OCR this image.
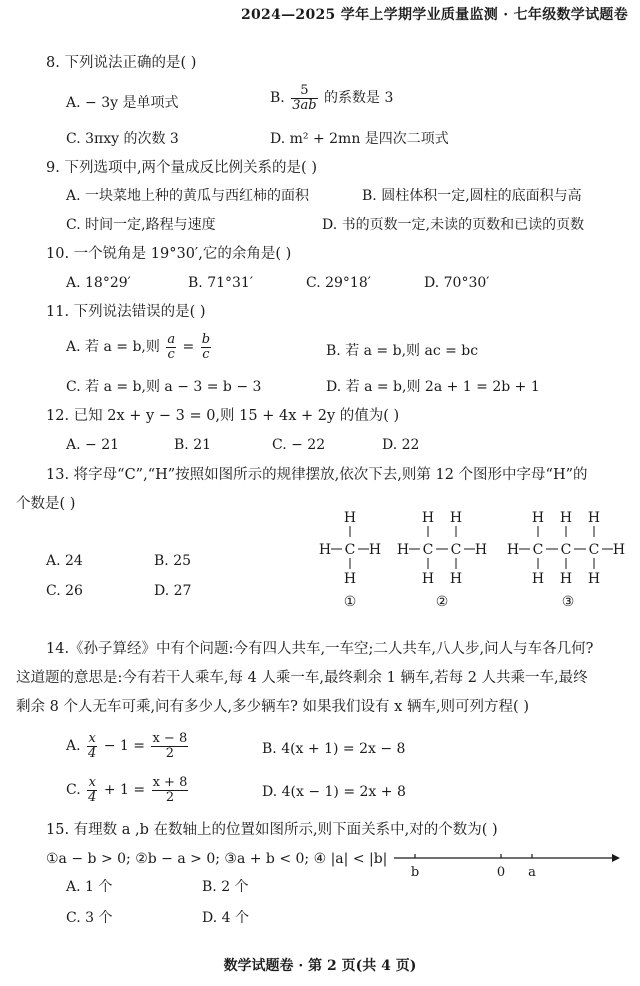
2024—2025 学年上学期学业质量监测 · 七年级数学试题卷
8. 下列说法正确的是( )
A. − 3y 是单项式	B. $\frac{5}{3ab}$ 的系数是 3
C. 3πxy 的次数 3	D. m² + 2mn 是四次二项式
9. 下列选项中,两个量成反比例关系的是( )
A. 一块菜地上种的黄瓜与西红柿的面积	B. 圆柱体积一定,圆柱的底面积与高
C. 时间一定,路程与速度	D. 书的页数一定,未读的页数和已读的页数
10. 一个锐角是 19°30′,它的余角是( )
A. 18°29′	B. 71°31′	C. 29°18′	D. 70°30′
11. 下列说法错误的是( )
A. 若 a = b,则 $\frac{a}{c} = \frac{b}{c}$	B. 若 a = b,则 ac = bc
C. 若 a = b,则 a − 3 = b − 3	D. 若 a = b,则 2a + 1 = 2b + 1
12. 已知 2x + y − 3 = 0,则 15 + 4x + 2y 的值为( )
A. − 21	B. 21	C. − 22	D. 22
13. 将字母“C”,“H”按照如图所示的规律摆放,依次下去,则第 12 个图形中字母“H”的
个数是( )
A. 24	B. 25
C. 26	D. 27
H
H C H
H
①
H H
H C C H
H H
②
H H H
H C C C H
H H H
③
14.《孙子算经》中有个问题:今有四人共车,一车空;二人共车,八人步,问人与车各几何?
这道题的意思是:今有若干人乘车,每 4 人乘一车,最终剩余 1 辆车,若每 2 人共乘一车,最终
剩余 8 个人无车可乘,问有多少人,多少辆车? 如果我们设有 x 辆车,则可列方程( )
A. $\frac{x}{4} - 1 = \frac{x - 8}{2}$	B. 4(x + 1) = 2x − 8
C. $\frac{x}{4} + 1 = \frac{x + 8}{2}$	D. 4(x − 1) = 2x + 8
15. 有理数 a ,b 在数轴上的位置如图所示,则下面关系中,对的个数为( )
①a − b > 0; ②b − a > 0; ③a + b < 0; ④ |a| < |b|
A. 1 个	B. 2 个
C. 3 个	D. 4 个
b	0 a
数学试题卷 · 第 2 页(共 4 页)
